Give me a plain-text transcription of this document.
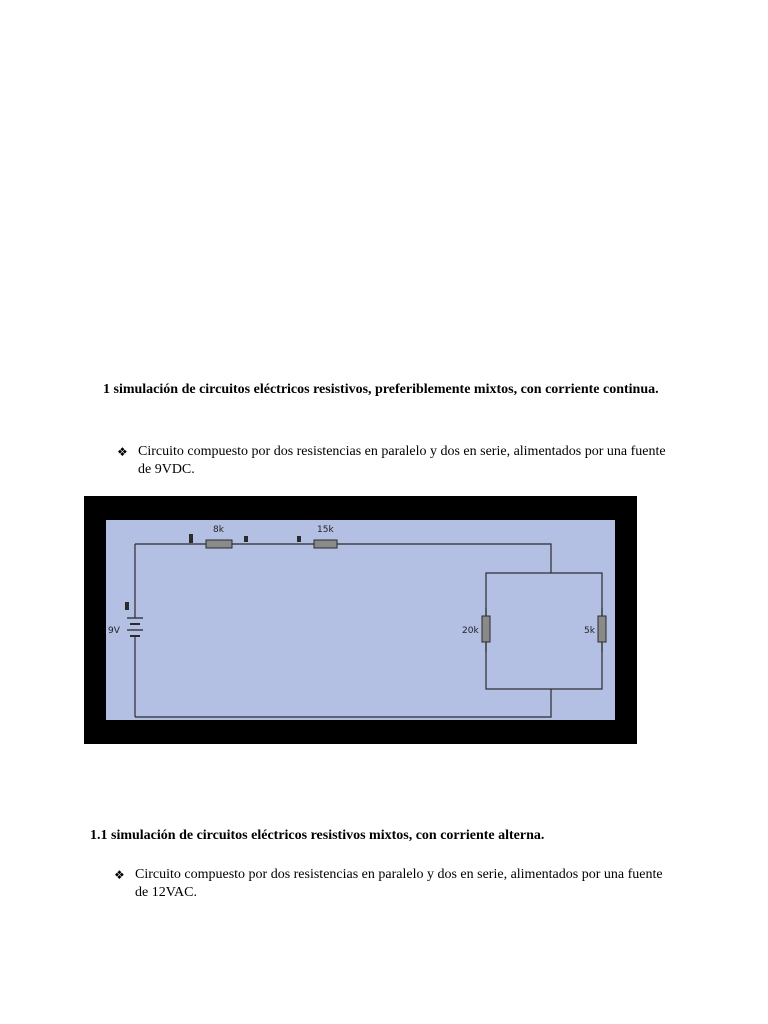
1 simulación de circuitos eléctricos resistivos, preferiblemente mixtos, con corriente continua.
❖ Circuito compuesto por dos resistencias en paralelo y dos en serie, alimentados por una fuente de 9VDC.
8k	15k
9V	20k	5k
1.1 simulación de circuitos eléctricos resistivos mixtos, con corriente alterna.
❖ Circuito compuesto por dos resistencias en paralelo y dos en serie, alimentados por una fuente de 12VAC.
